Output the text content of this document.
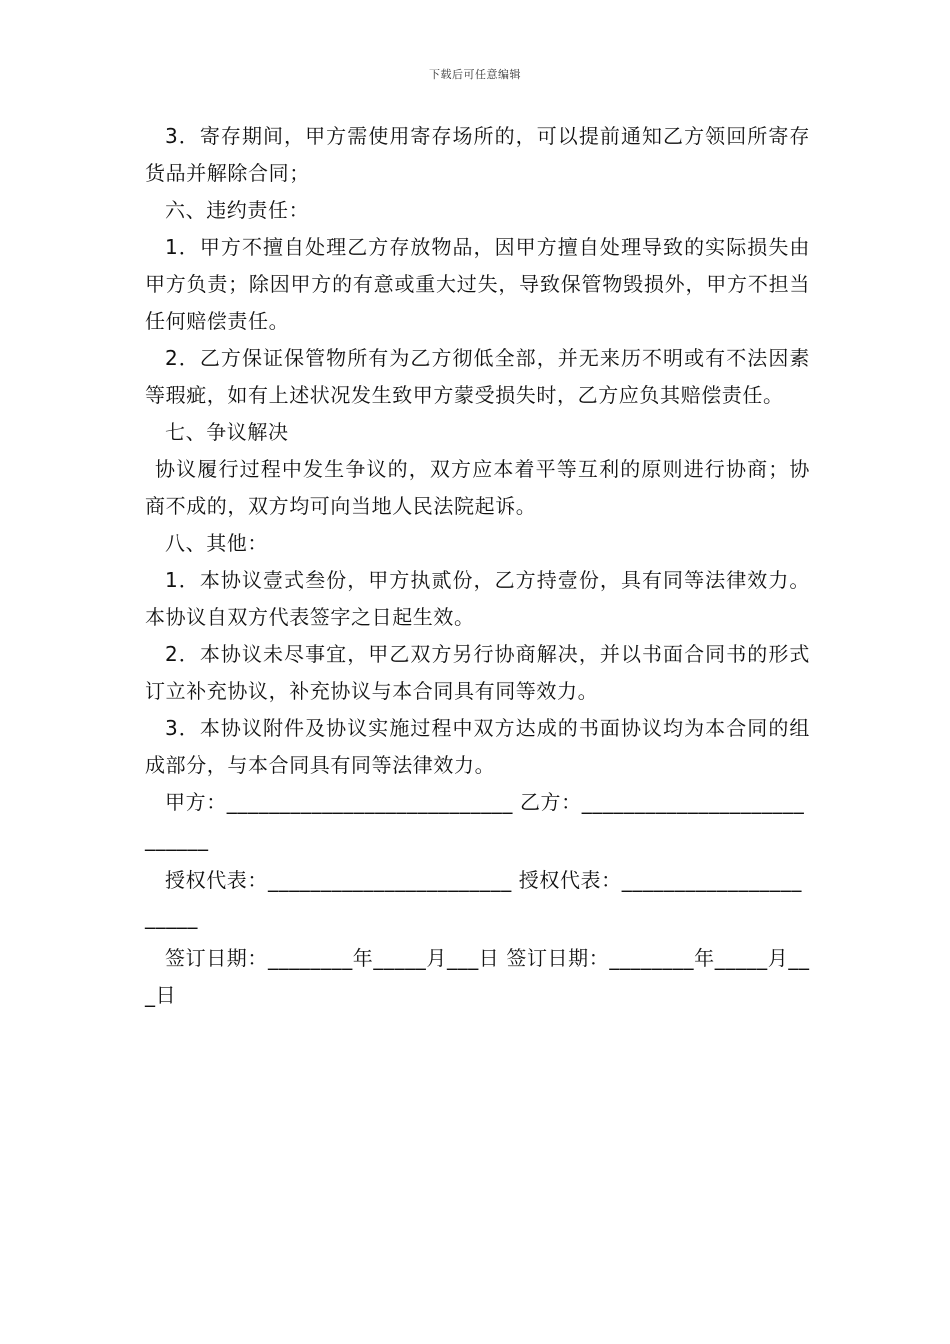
下载后可任意编辑

3．寄存期间，甲方需使用寄存场所的，可以提前通知乙方领回所寄存货品并解除合同；

六、违约责任：

1．甲方不擅自处理乙方存放物品，因甲方擅自处理导致的实际损失由甲方负责；除因甲方的有意或重大过失，导致保管物毁损外，甲方不担当任何赔偿责任。

2．乙方保证保管物所有为乙方彻低全部，并无来历不明或有不法因素等瑕疵，如有上述状况发生致甲方蒙受损失时，乙方应负其赔偿责任。

七、争议解决

协议履行过程中发生争议的，双方应本着平等互利的原则进行协商；协商不成的，双方均可向当地人民法院起诉。

八、其他：

1．本协议壹式叁份，甲方执贰份，乙方持壹份，具有同等法律效力。本协议自双方代表签字之日起生效。

2．本协议未尽事宜，甲乙双方另行协商解决，并以书面合同书的形式订立补充协议，补充协议与本合同具有同等效力。

3．本协议附件及协议实施过程中双方达成的书面协议均为本合同的组成部分，与本合同具有同等法律效力。

甲方：___________________________ 乙方：___________________________

授权代表：_______________________ 授权代表：______________________

签订日期：________年_____月___日 签订日期：________年_____月___日
